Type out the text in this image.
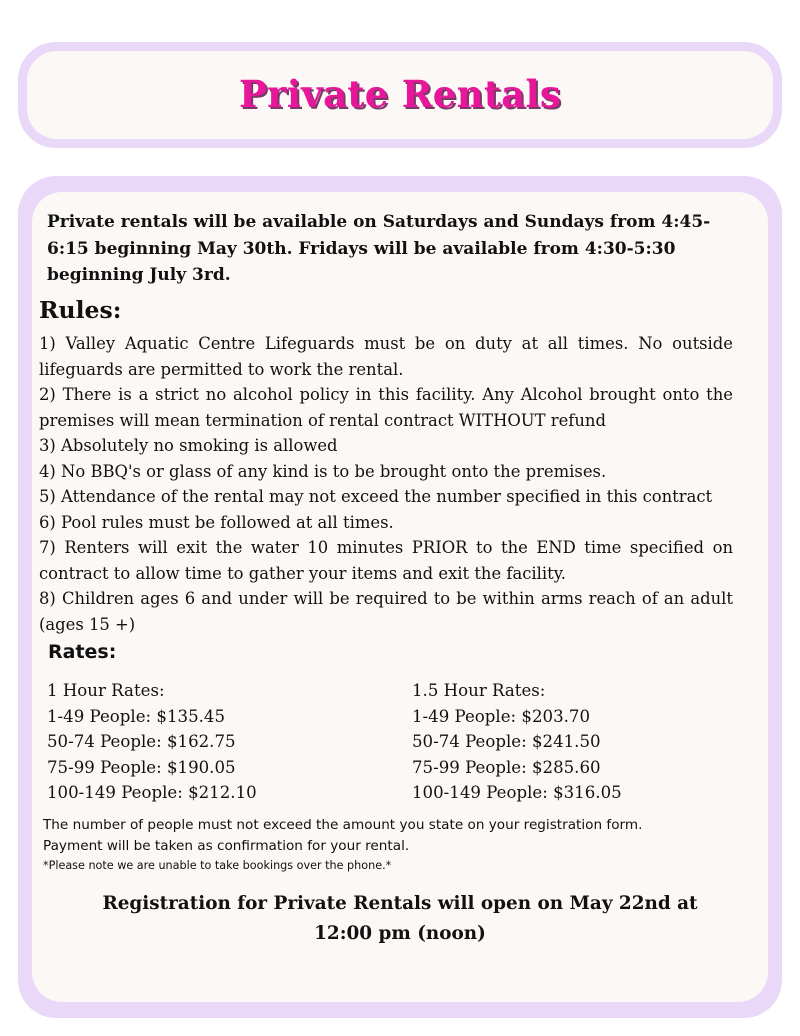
Private Rentals

Private rentals will be available on Saturdays and Sundays from 4:45- 6:15 beginning May 30th. Fridays will be available from 4:30-5:30 beginning July 3rd.

Rules:
1) Valley Aquatic Centre Lifeguards must be on duty at all times. No outside lifeguards are permitted to work the rental.
2) There is a strict no alcohol policy in this facility. Any Alcohol brought onto the premises will mean termination of rental contract WITHOUT refund
3) Absolutely no smoking is allowed
4) No BBQ's or glass of any kind is to be brought onto the premises.
5) Attendance of the rental may not exceed the number specified in this contract
6) Pool rules must be followed at all times.
7) Renters will exit the water 10 minutes PRIOR to the END time specified on contract to allow time to gather your items and exit the facility.
8) Children ages 6 and under will be required to be within arms reach of an adult (ages 15 +)
Rates:
1 Hour Rates:
1-49 People: $135.45
50-74 People: $162.75
75-99 People: $190.05
100-149 People: $212.10
1.5 Hour Rates:
1-49 People: $203.70
50-74 People: $241.50
75-99 People: $285.60
100-149 People: $316.05
The number of people must not exceed the amount you state on your registration form.
Payment will be taken as confirmation for your rental.
*Please note we are unable to take bookings over the phone.*

Registration for Private Rentals will open on May 22nd at 12:00 pm (noon)
